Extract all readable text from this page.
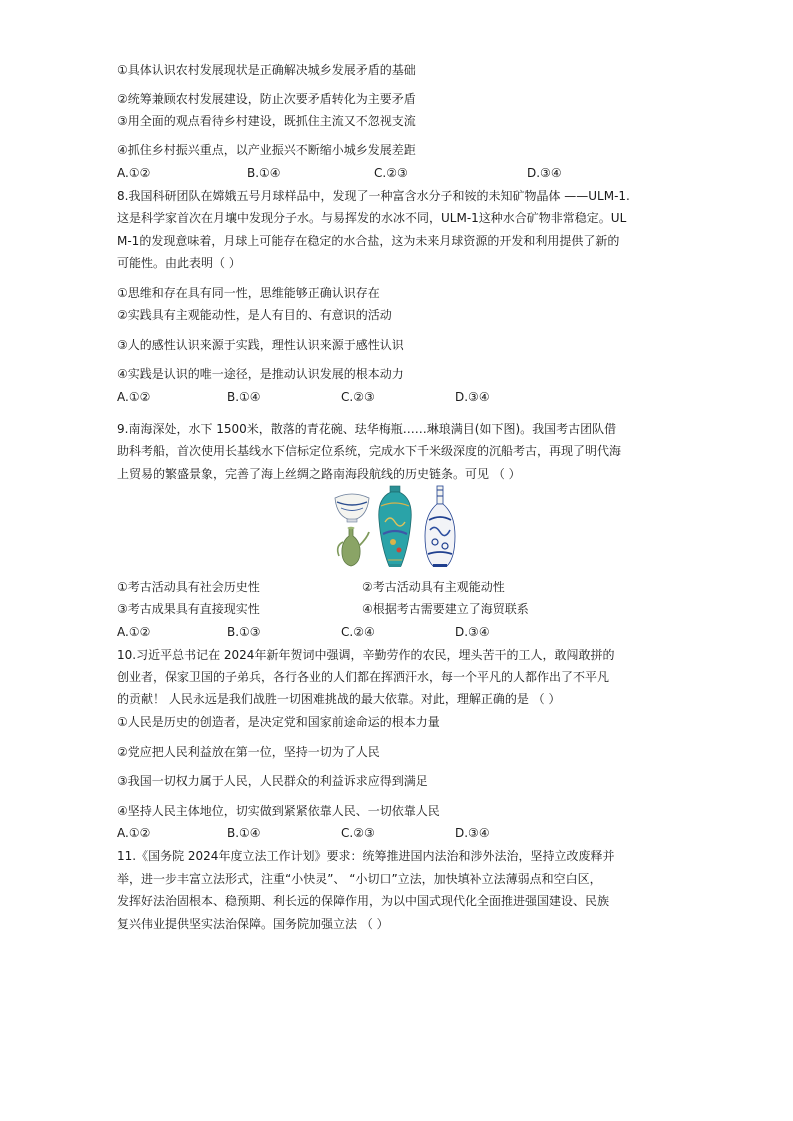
①具体认识农村发展现状是正确解决城乡发展矛盾的基础
②统筹兼顾农村发展建设，防止次要矛盾转化为主要矛盾
③用全面的观点看待乡村建设，既抓住主流又不忽视支流
④抓住乡村振兴重点，以产业振兴不断缩小城乡发展差距
A.①②	B.①④	C.②③	D.③④
8.我国科研团队在嫦娥五号月球样品中，发现了一种富含水分子和铵的未知矿物晶体 ——ULM-1.
这是科学家首次在月壤中发现分子水。与易挥发的水冰不同，ULM-1这种水合矿物非常稳定。UL
M-1的发现意味着，月球上可能存在稳定的水合盐，这为未来月球资源的开发和利用提供了新的
可能性。由此表明（ ）
①思维和存在具有同一性，思维能够正确认识存在
②实践具有主观能动性，是人有目的、有意识的活动
③人的感性认识来源于实践，理性认识来源于感性认识
④实践是认识的唯一途径，是推动认识发展的根本动力
A.①②	B.①④	C.②③	D.③④
9.南海深处，水下 1500米，散落的青花碗、珐华梅瓶……琳琅满目(如下图)。我国考古团队借
助科考船，首次使用长基线水下信标定位系统，完成水下千米级深度的沉船考古，再现了明代海
上贸易的繁盛景象，完善了海上丝绸之路南海段航线的历史链条。可见 （ ）
①考古活动具有社会历史性	②考古活动具有主观能动性
③考古成果具有直接现实性	④根据考古需要建立了海贸联系
A.①②	B.①③	C.②④	D.③④
10.习近平总书记在 2024年新年贺词中强调，辛勤劳作的农民，埋头苦干的工人，敢闯敢拼的
创业者，保家卫国的子弟兵，各行各业的人们都在挥洒汗水，每一个平凡的人都作出了不平凡
的贡献！ 人民永远是我们战胜一切困难挑战的最大依靠。对此，理解正确的是 （ ）
①人民是历史的创造者，是决定党和国家前途命运的根本力量
②党应把人民利益放在第一位，坚持一切为了人民
③我国一切权力属于人民，人民群众的利益诉求应得到满足
④坚持人民主体地位，切实做到紧紧依靠人民、一切依靠人民
A.①②	B.①④	C.②③	D.③④
11.《国务院 2024年度立法工作计划》要求：统筹推进国内法治和涉外法治，坚持立改废释并
举，进一步丰富立法形式，注重“小快灵”、 “小切口”立法，加快填补立法薄弱点和空白区，
发挥好法治固根本、稳预期、利长远的保障作用，为以中国式现代化全面推进强国建设、民族
复兴伟业提供坚实法治保障。国务院加强立法 （ ）
